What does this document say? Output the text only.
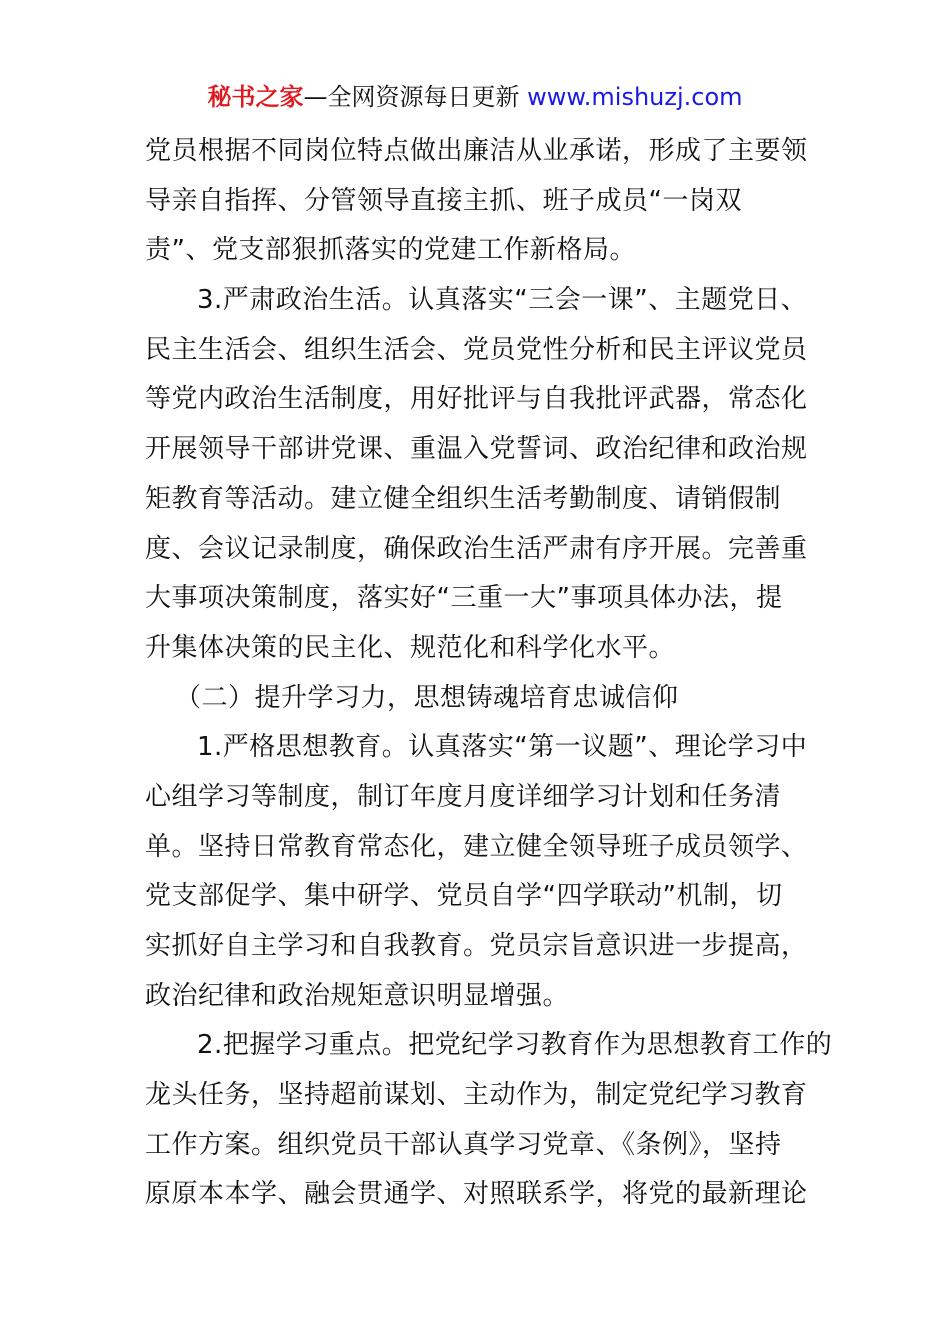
秘书之家—全网资源每日更新 www.mishuzj.com
党员根据不同岗位特点做出廉洁从业承诺，形成了主要领
导亲自指挥、分管领导直接主抓、班子成员“一岗双
责”、党支部狠抓落实的党建工作新格局。
3.严肃政治生活。认真落实“三会一课”、主题党日、
民主生活会、组织生活会、党员党性分析和民主评议党员
等党内政治生活制度，用好批评与自我批评武器，常态化
开展领导干部讲党课、重温入党誓词、政治纪律和政治规
矩教育等活动。建立健全组织生活考勤制度、请销假制
度、会议记录制度，确保政治生活严肃有序开展。完善重
大事项决策制度，落实好“三重一大”事项具体办法，提
升集体决策的民主化、规范化和科学化水平。
（二）提升学习力，思想铸魂培育忠诚信仰
1.严格思想教育。认真落实“第一议题”、理论学习中
心组学习等制度，制订年度月度详细学习计划和任务清
单。坚持日常教育常态化，建立健全领导班子成员领学、
党支部促学、集中研学、党员自学“四学联动”机制，切
实抓好自主学习和自我教育。党员宗旨意识进一步提高，
政治纪律和政治规矩意识明显增强。
2.把握学习重点。把党纪学习教育作为思想教育工作的
龙头任务，坚持超前谋划、主动作为，制定党纪学习教育
工作方案。组织党员干部认真学习党章、《条例》，坚持
原原本本学、融会贯通学、对照联系学，将党的最新理论
